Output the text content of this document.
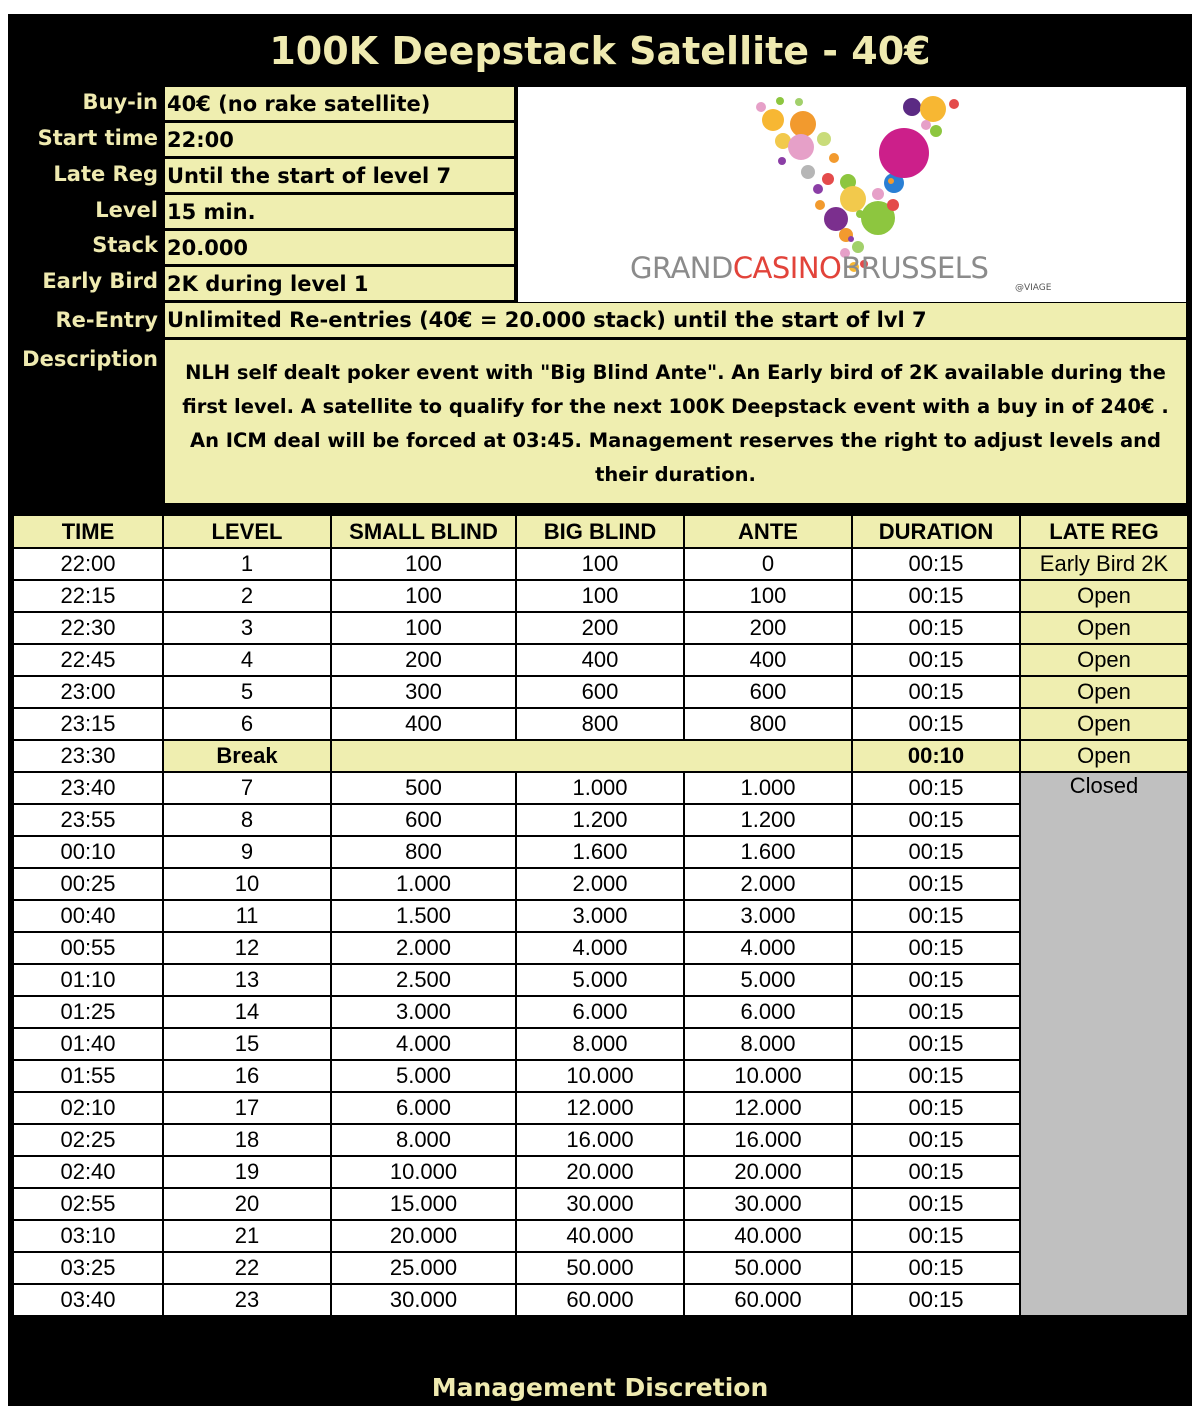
100K Deepstack Satellite - 40€
Buy-in 40€ (no rake satellite)
Start time 22:00
Late Reg Until the start of level 7
Level 15 min.
Stack 20.000
Early Bird 2K during level 1	GRANDCASINOBRUSSELS
@VIAGE
Re-Entry Unlimited Re-entries (40€ = 20.000 stack) until the start of lvl 7
Description
NLH self dealt poker event with "Big Blind Ante". An Early bird of 2K available during the first level. A satellite to qualify for the next 100K Deepstack event with a buy in of 240€ . An ICM deal will be forced at 03:45. Management reserves the right to adjust levels and their duration.
TIME	LEVEL	SMALL BLIND	BIG BLIND	ANTE	DURATION	LATE REG
22:00	1	100	100	0	00:15	Early Bird 2K
22:15	2	100	100	100	00:15	Open
22:30	3	100	200	200	00:15	Open
22:45	4	200	400	400	00:15	Open
23:00	5	300	600	600	00:15	Open
23:15	6	400	800	800	00:15	Open
23:30	Break				00:10	Open
23:40	7	500	1.000	1.000	00:15	Closed
23:55	8	600	1.200	1.200	00:15	
00:10	9	800	1.600	1.600	00:15	
00:25	10	1.000	2.000	2.000	00:15	
00:40	11	1.500	3.000	3.000	00:15	
00:55	12	2.000	4.000	4.000	00:15	
01:10	13	2.500	5.000	5.000	00:15	
01:25	14	3.000	6.000	6.000	00:15	
01:40	15	4.000	8.000	8.000	00:15	
01:55	16	5.000	10.000	10.000	00:15	
02:10	17	6.000	12.000	12.000	00:15	
02:25	18	8.000	16.000	16.000	00:15	
02:40	19	10.000	20.000	20.000	00:15	
02:55	20	15.000	30.000	30.000	00:15	
03:10	21	20.000	40.000	40.000	00:15	
03:25	22	25.000	50.000	50.000	00:15	
03:40	23	30.000	60.000	60.000	00:15	
Management Discretion
